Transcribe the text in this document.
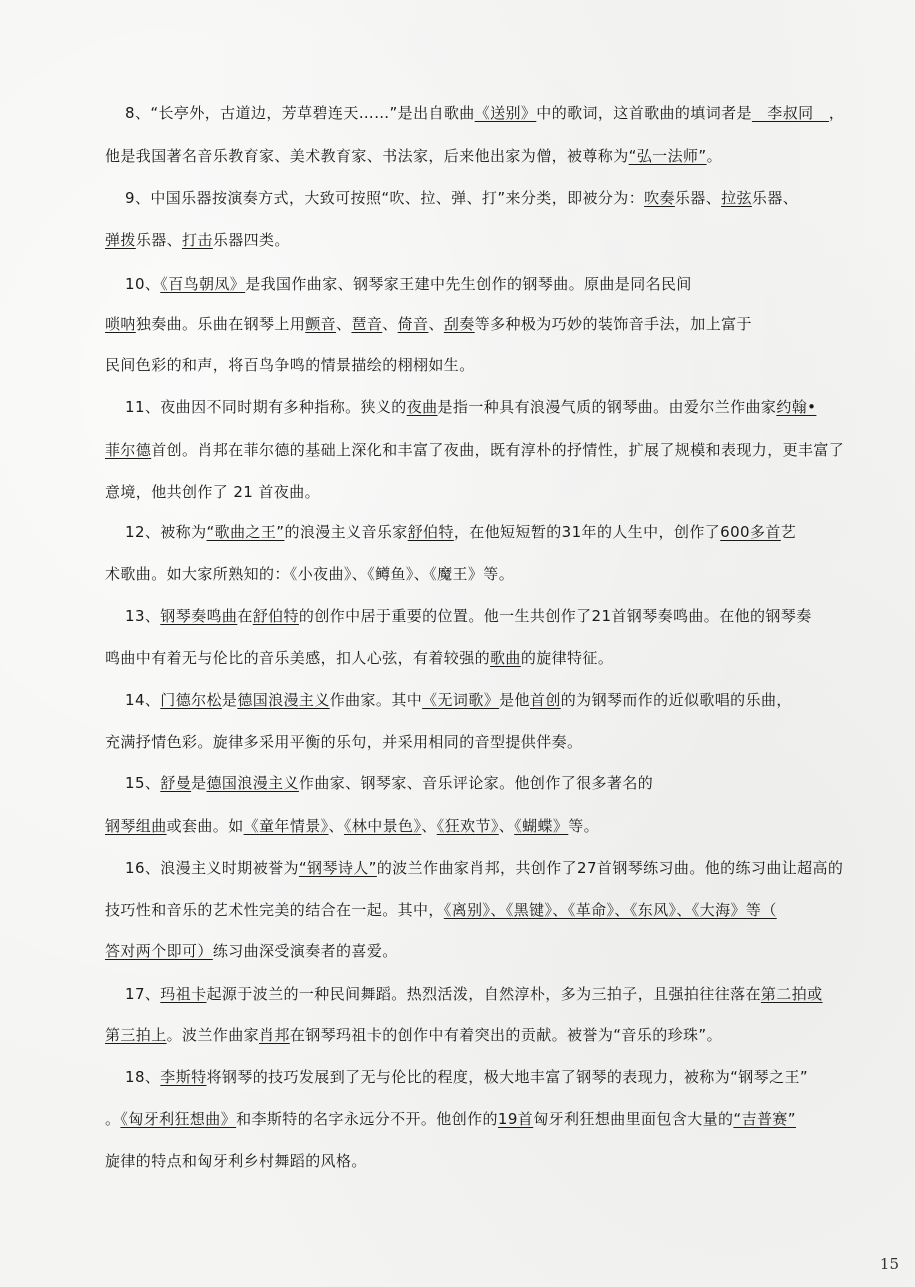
8、“长亭外，古道边，芳草碧连天……”是出自歌曲《送别》中的歌词，这首歌曲的填词者是　李叔同　，
他是我国著名音乐教育家、美术教育家、书法家，后来他出家为僧，被尊称为“弘一法师”。
9、中国乐器按演奏方式，大致可按照“吹、拉、弹、打”来分类，即被分为：吹奏乐器、拉弦乐器、
弹拨乐器、打击乐器四类。
10、《百鸟朝凤》是我国作曲家、钢琴家王建中先生创作的钢琴曲。原曲是同名民间
唢呐独奏曲。乐曲在钢琴上用颤音、琶音、倚音、刮奏等多种极为巧妙的装饰音手法，加上富于
民间色彩的和声，将百鸟争鸣的情景描绘的栩栩如生。
11、夜曲因不同时期有多种指称。狭义的夜曲是指一种具有浪漫气质的钢琴曲。由爱尔兰作曲家约翰•
菲尔德首创。肖邦在菲尔德的基础上深化和丰富了夜曲，既有淳朴的抒情性，扩展了规模和表现力，更丰富了
意境，他共创作了 21 首夜曲。
12、被称为“歌曲之王”的浪漫主义音乐家舒伯特，在他短短暂的31年的人生中，创作了600多首艺
术歌曲。如大家所熟知的：《小夜曲》、《鳟鱼》、《魔王》等。
13、钢琴奏鸣曲在舒伯特的创作中居于重要的位置。他一生共创作了21首钢琴奏鸣曲。在他的钢琴奏
鸣曲中有着无与伦比的音乐美感，扣人心弦，有着较强的歌曲的旋律特征。
14、门德尔松是德国浪漫主义作曲家。其中《无词歌》是他首创的为钢琴而作的近似歌唱的乐曲，
充满抒情色彩。旋律多采用平衡的乐句，并采用相同的音型提供伴奏。
15、舒曼是德国浪漫主义作曲家、钢琴家、音乐评论家。他创作了很多著名的
钢琴组曲或套曲。如《童年情景》、《林中景色》、《狂欢节》、《蝴蝶》等。
16、浪漫主义时期被誉为“钢琴诗人”的波兰作曲家肖邦，共创作了27首钢琴练习曲。他的练习曲让超高的
技巧性和音乐的艺术性完美的结合在一起。其中，《离别》、《黑键》、《革命》、《东风》、《大海》等（
答对两个即可）练习曲深受演奏者的喜爱。
17、玛祖卡起源于波兰的一种民间舞蹈。热烈活泼，自然淳朴，多为三拍子，且强拍往往落在第二拍或
第三拍上。波兰作曲家肖邦在钢琴玛祖卡的创作中有着突出的贡献。被誉为“音乐的珍珠”。
18、李斯特将钢琴的技巧发展到了无与伦比的程度，极大地丰富了钢琴的表现力，被称为“钢琴之王”
。《匈牙利狂想曲》和李斯特的名字永远分不开。他创作的19首匈牙利狂想曲里面包含大量的“吉普赛”
旋律的特点和匈牙利乡村舞蹈的风格。
15
